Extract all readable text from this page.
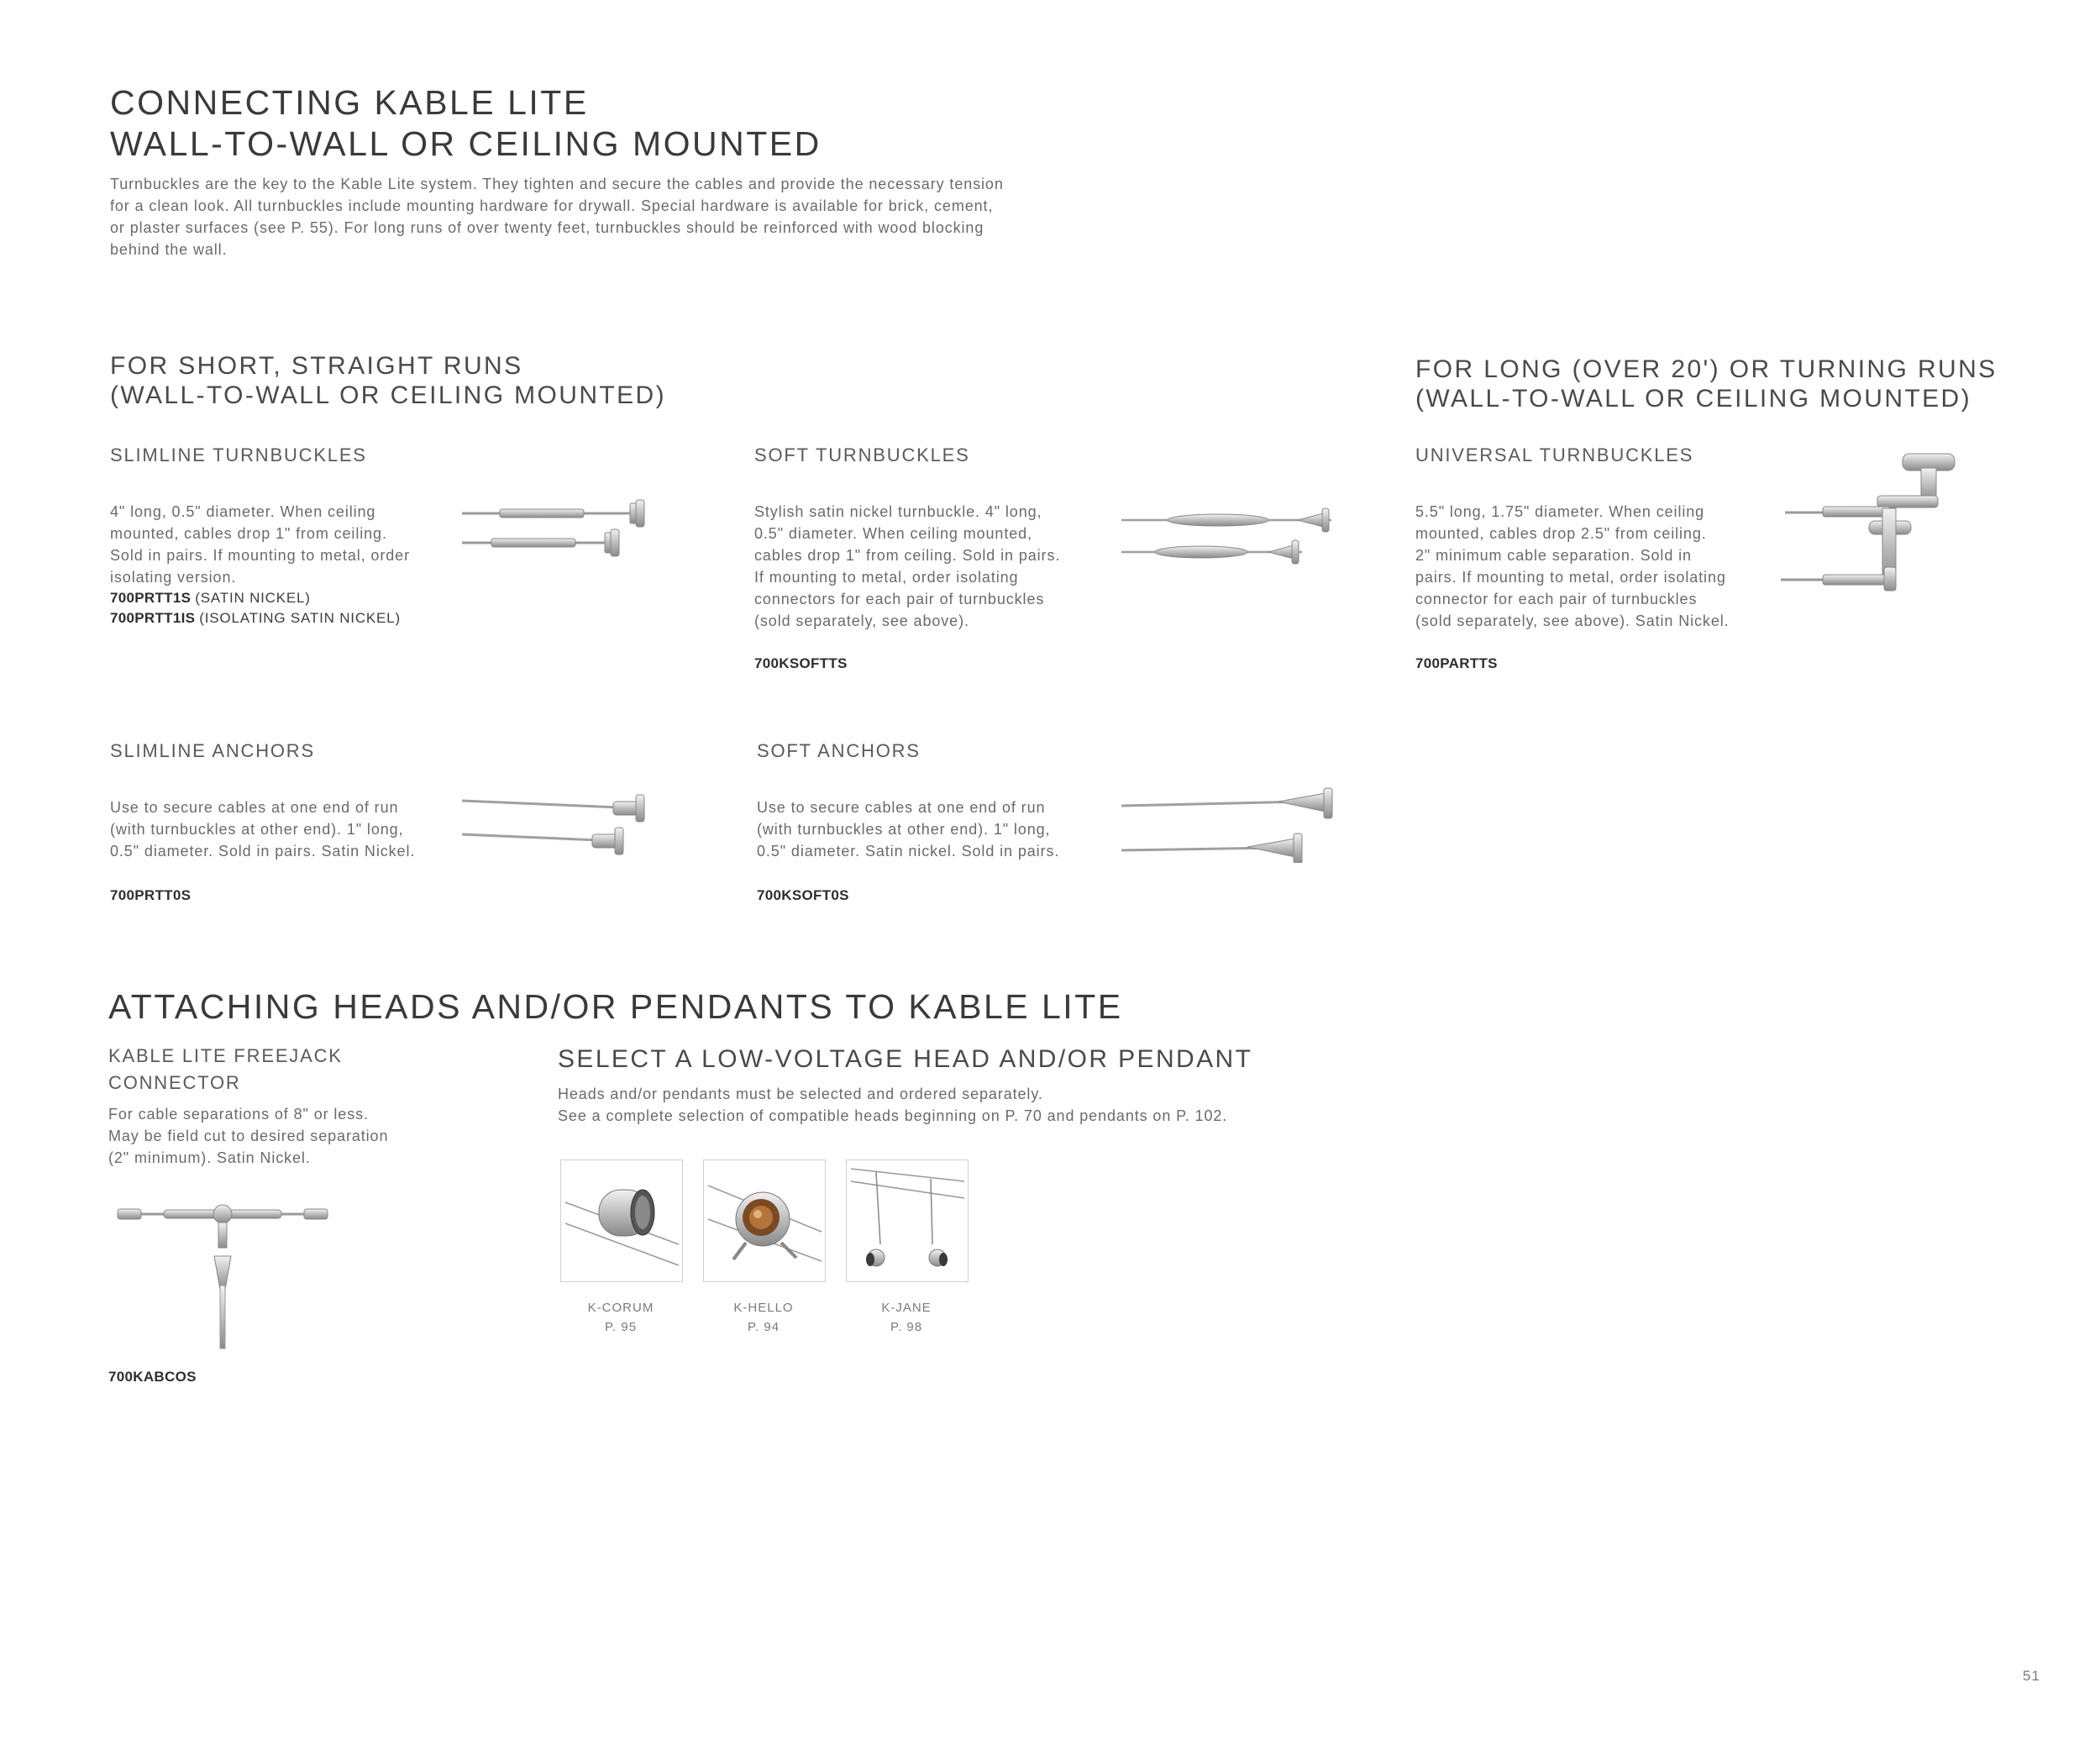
CONNECTING KABLE LITE
WALL-TO-WALL OR CEILING MOUNTED
Turnbuckles are the key to the Kable Lite system. They tighten and secure the cables and provide the necessary tension
for a clean look. All turnbuckles include mounting hardware for drywall. Special hardware is available for brick, cement,
or plaster surfaces (see P. 55). For long runs of over twenty feet, turnbuckles should be reinforced with wood blocking
behind the wall.
FOR SHORT, STRAIGHT RUNS
(WALL-TO-WALL OR CEILING MOUNTED)
FOR LONG (OVER 20') OR TURNING RUNS
(WALL-TO-WALL OR CEILING MOUNTED)
SLIMLINE TURNBUCKLES
4" long, 0.5" diameter. When ceiling
mounted, cables drop 1" from ceiling.
Sold in pairs. If mounting to metal, order
isolating version.
700PRTT1S (SATIN NICKEL)
700PRTT1IS (ISOLATING SATIN NICKEL)
SOFT TURNBUCKLES
Stylish satin nickel turnbuckle. 4" long,
0.5" diameter. When ceiling mounted,
cables drop 1" from ceiling. Sold in pairs.
If mounting to metal, order isolating
connectors for each pair of turnbuckles
(sold separately, see above).
700KSOFTTS
UNIVERSAL TURNBUCKLES
5.5" long, 1.75" diameter. When ceiling
mounted, cables drop 2.5" from ceiling.
2" minimum cable separation. Sold in
pairs. If mounting to metal, order isolating
connector for each pair of turnbuckles
(sold separately, see above). Satin Nickel.
700PARTTS
SLIMLINE ANCHORS
Use to secure cables at one end of run
(with turnbuckles at other end). 1" long,
0.5" diameter. Sold in pairs. Satin Nickel.
700PRTT0S
SOFT ANCHORS
Use to secure cables at one end of run
(with turnbuckles at other end). 1" long,
0.5" diameter. Satin nickel. Sold in pairs.
700KSOFT0S
ATTACHING HEADS AND/OR PENDANTS TO KABLE LITE
KABLE LITE FREEJACK
CONNECTOR
For cable separations of 8" or less.
May be field cut to desired separation
(2" minimum). Satin Nickel.
700KABCOS
SELECT A LOW-VOLTAGE HEAD AND/OR PENDANT
Heads and/or pendants must be selected and ordered separately.
See a complete selection of compatible heads beginning on P. 70 and pendants on P. 102.
K-CORUM
P. 95
K-HELLO
P. 94
K-JANE
P. 98
51
